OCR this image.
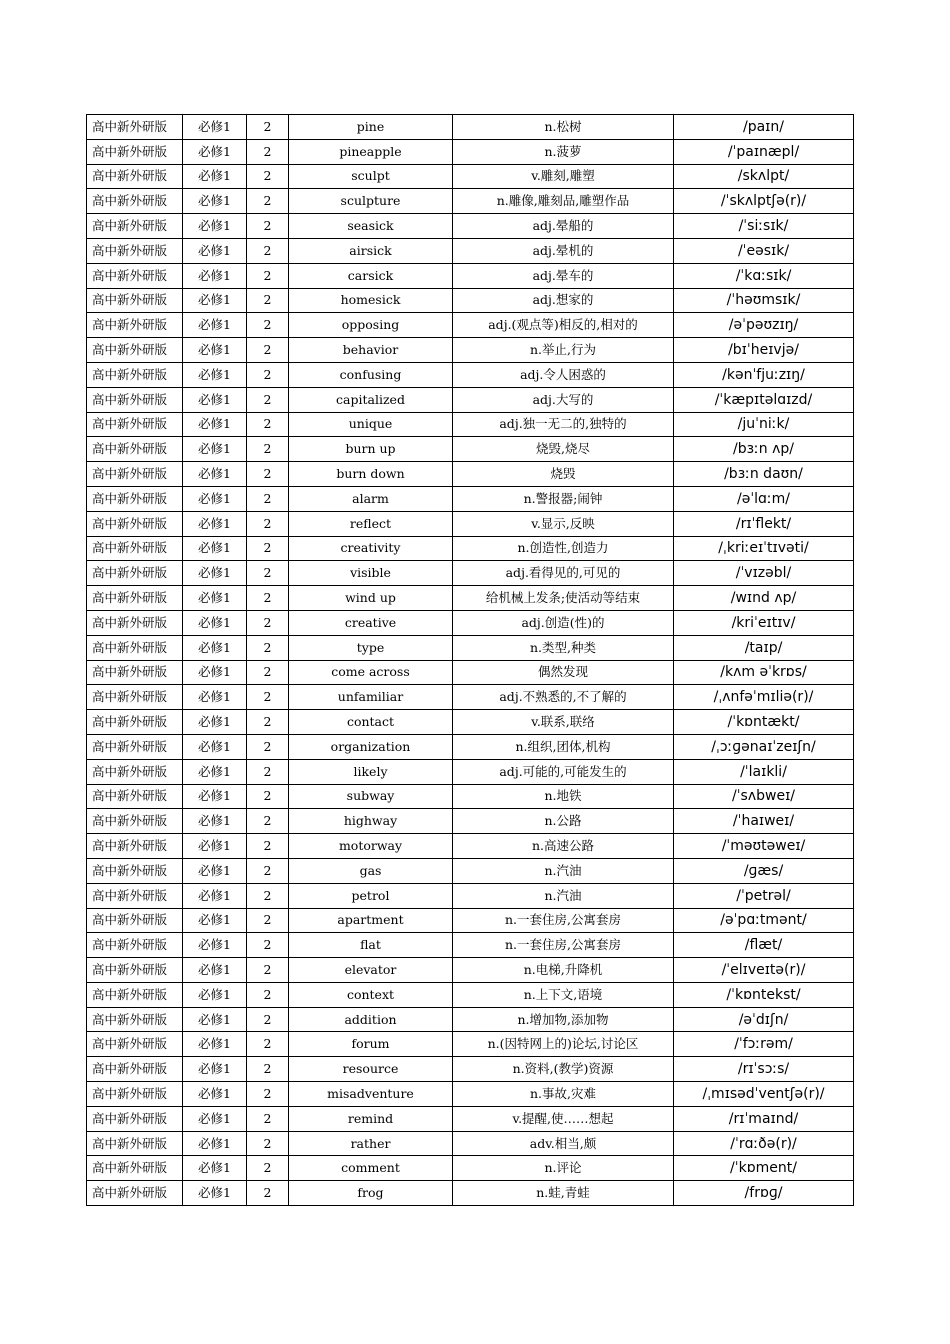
高中新外研版	必修1	2	pine	n.松树	/paɪn/
高中新外研版	必修1	2	pineapple	n.菠萝	/ˈpaɪnæpl/
高中新外研版	必修1	2	sculpt	v.雕刻,雕塑	/skʌlpt/
高中新外研版	必修1	2	sculpture	n.雕像,雕刻品,雕塑作品	/ˈskʌlptʃə(r)/
高中新外研版	必修1	2	seasick	adj.晕船的	/ˈsiːsɪk/
高中新外研版	必修1	2	airsick	adj.晕机的	/ˈeəsɪk/
高中新外研版	必修1	2	carsick	adj.晕车的	/ˈkɑːsɪk/
高中新外研版	必修1	2	homesick	adj.想家的	/ˈhəʊmsɪk/
高中新外研版	必修1	2	opposing	adj.(观点等)相反的,相对的	/əˈpəʊzɪŋ/
高中新外研版	必修1	2	behavior	n.举止,行为	/bɪˈheɪvjə/
高中新外研版	必修1	2	confusing	adj.令人困惑的	/kənˈfjuːzɪŋ/
高中新外研版	必修1	2	capitalized	adj.大写的	/ˈkæpɪtəlɑɪzd/
高中新外研版	必修1	2	unique	adj.独一无二的,独特的	/juˈniːk/
高中新外研版	必修1	2	burn up	烧毁,烧尽	/bɜːn ʌp/
高中新外研版	必修1	2	burn down	烧毁	/bɜːn daʊn/
高中新外研版	必修1	2	alarm	n.警报器;闹钟	/əˈlɑːm/
高中新外研版	必修1	2	reflect	v.显示,反映	/rɪˈflekt/
高中新外研版	必修1	2	creativity	n.创造性,创造力	/ˌkriːeɪˈtɪvəti/
高中新外研版	必修1	2	visible	adj.看得见的,可见的	/ˈvɪzəbl/
高中新外研版	必修1	2	wind up	给机械上发条;使活动等结束	/wɪnd ʌp/
高中新外研版	必修1	2	creative	adj.创造(性)的	/kriˈeɪtɪv/
高中新外研版	必修1	2	type	n.类型,种类	/taɪp/
高中新外研版	必修1	2	come across	偶然发现	/kʌm əˈkrɒs/
高中新外研版	必修1	2	unfamiliar	adj.不熟悉的,不了解的	/ˌʌnfəˈmɪliə(r)/
高中新外研版	必修1	2	contact	v.联系,联络	/ˈkɒntækt/
高中新外研版	必修1	2	organization	n.组织,团体,机构	/ˌɔːɡənaɪˈzeɪʃn/
高中新外研版	必修1	2	likely	adj.可能的,可能发生的	/ˈlaɪkli/
高中新外研版	必修1	2	subway	n.地铁	/ˈsʌbweɪ/
高中新外研版	必修1	2	highway	n.公路	/ˈhaɪweɪ/
高中新外研版	必修1	2	motorway	n.高速公路	/ˈməʊtəweɪ/
高中新外研版	必修1	2	gas	n.汽油	/ɡæs/
高中新外研版	必修1	2	petrol	n.汽油	/ˈpetrəl/
高中新外研版	必修1	2	apartment	n.一套住房,公寓套房	/əˈpɑːtmənt/
高中新外研版	必修1	2	flat	n.一套住房,公寓套房	/flæt/
高中新外研版	必修1	2	elevator	n.电梯,升降机	/ˈelɪveɪtə(r)/
高中新外研版	必修1	2	context	n.上下文,语境	/ˈkɒntekst/
高中新外研版	必修1	2	addition	n.增加物,添加物	/əˈdɪʃn/
高中新外研版	必修1	2	forum	n.(因特网上的)论坛,讨论区	/ˈfɔːrəm/
高中新外研版	必修1	2	resource	n.资料,(教学)资源	/rɪˈsɔːs/
高中新外研版	必修1	2	misadventure	n.事故,灾难	/ˌmɪsədˈventʃə(r)/
高中新外研版	必修1	2	remind	v.提醒,使……想起	/rɪˈmaɪnd/
高中新外研版	必修1	2	rather	adv.相当,颇	/ˈrɑːðə(r)/
高中新外研版	必修1	2	comment	n.评论	/ˈkɒment/
高中新外研版	必修1	2	frog	n.蛙,青蛙	/frɒɡ/
